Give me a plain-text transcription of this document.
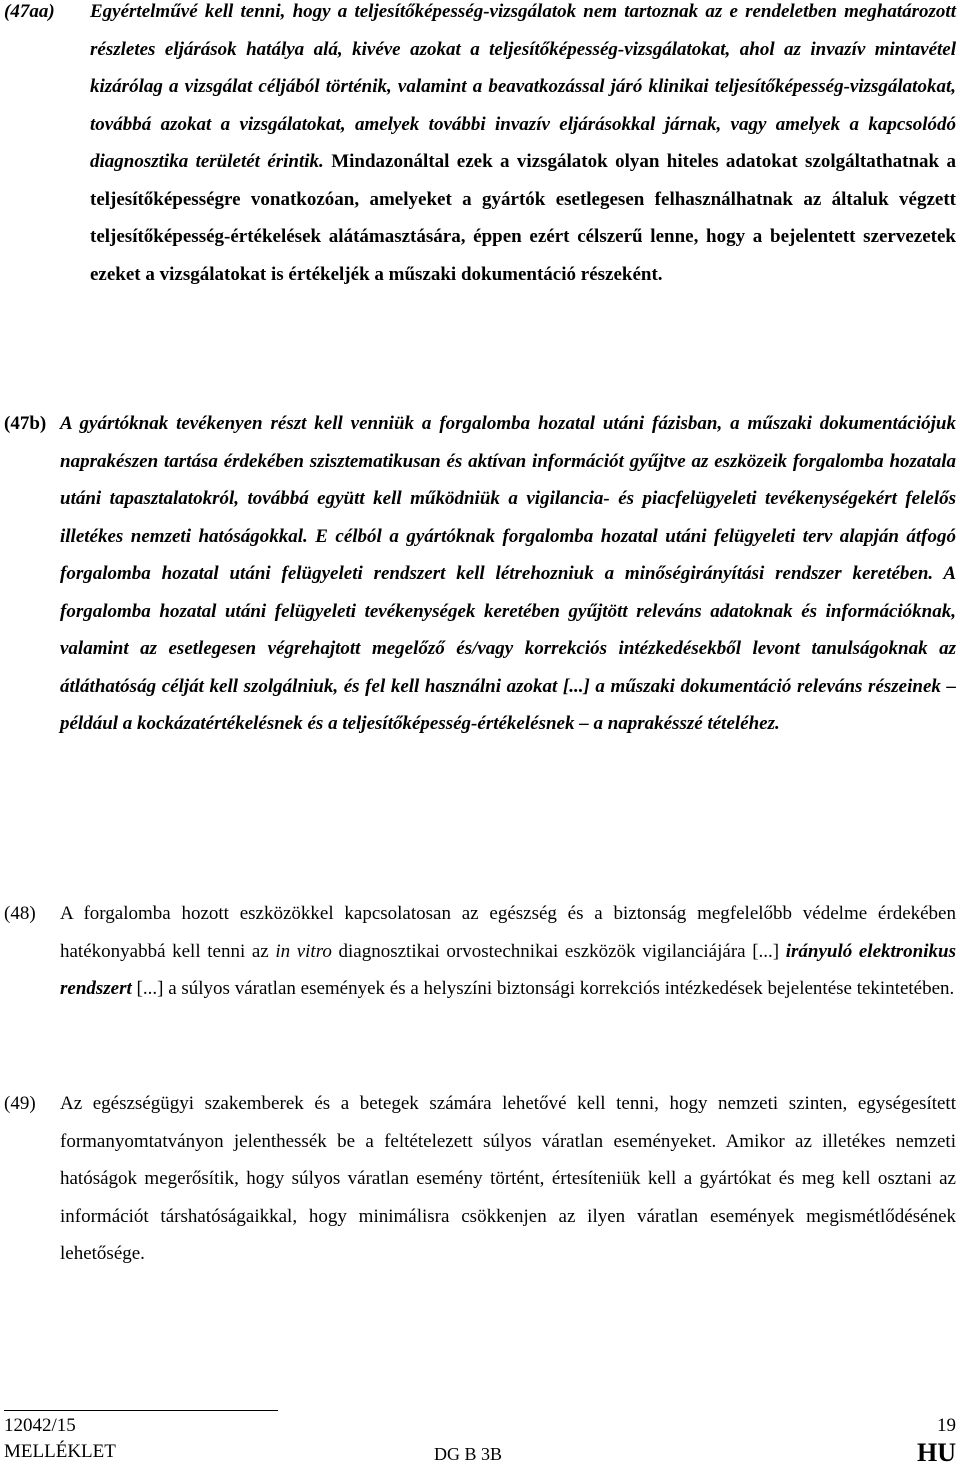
(47aa) Egyértelművé kell tenni, hogy a teljesítőképesség-vizsgálatok nem tartoznak az e rendeletben meghatározott részletes eljárások hatálya alá, kivéve azokat a teljesítőképesség-vizsgálatokat, ahol az invazív mintavétel kizárólag a vizsgálat céljából történik, valamint a beavatkozással járó klinikai teljesítőképesség-vizsgálatokat, továbbá azokat a vizsgálatokat, amelyek további invazív eljárásokkal járnak, vagy amelyek a kapcsolódó diagnosztika területét érintik. Mindazonáltal ezek a vizsgálatok olyan hiteles adatokat szolgáltathatnak a teljesítőképességre vonatkozóan, amelyeket a gyártók esetlegesen felhasználhatnak az általuk végzett teljesítőképesség-értékelések alátámasztására, éppen ezért célszerű lenne, hogy a bejelentett szervezetek ezeket a vizsgálatokat is értékeljék a műszaki dokumentáció részeként.
(47b) A gyártóknak tevékenyen részt kell venniük a forgalomba hozatal utáni fázisban, a műszaki dokumentációjuk naprakészen tartása érdekében szisztematikusan és aktívan információt gyűjtve az eszközeik forgalomba hozatala utáni tapasztalatokról, továbbá együtt kell működniük a vigilancia- és piacfelügyeleti tevékenységekért felelős illetékes nemzeti hatóságokkal. E célból a gyártóknak forgalomba hozatal utáni felügyeleti terv alapján átfogó forgalomba hozatal utáni felügyeleti rendszert kell létrehozniuk a minőségirányítási rendszer keretében. A forgalomba hozatal utáni felügyeleti tevékenységek keretében gyűjtött releváns adatoknak és információknak, valamint az esetlegesen végrehajtott megelőző és/vagy korrekciós intézkedésekből levont tanulságoknak az átláthatóság célját kell szolgálniuk, és fel kell használni azokat [...] a műszaki dokumentáció releváns részeinek – például a kockázatértékelésnek és a teljesítőképesség-értékelésnek – a naprakésszé tételéhez.
(48) A forgalomba hozott eszközökkel kapcsolatosan az egészség és a biztonság megfelelőbb védelme érdekében hatékonyabbá kell tenni az in vitro diagnosztikai orvostechnikai eszközök vigilanciájára [...] irányuló elektronikus rendszert [...] a súlyos váratlan események és a helyszíni biztonsági korrekciós intézkedések bejelentése tekintetében.
(49) Az egészségügyi szakemberek és a betegek számára lehetővé kell tenni, hogy nemzeti szinten, egységesített formanyomtatványon jelenthessék be a feltételezett súlyos váratlan eseményeket. Amikor az illetékes nemzeti hatóságok megerősítik, hogy súlyos váratlan esemény történt, értesíteniük kell a gyártókat és meg kell osztani az információt társhatóságaikkal, hogy minimálisra csökkenjen az ilyen váratlan események megismétlődésének lehetősége.
12042/15	19
MELLÉKLET	DG B 3B	HU
